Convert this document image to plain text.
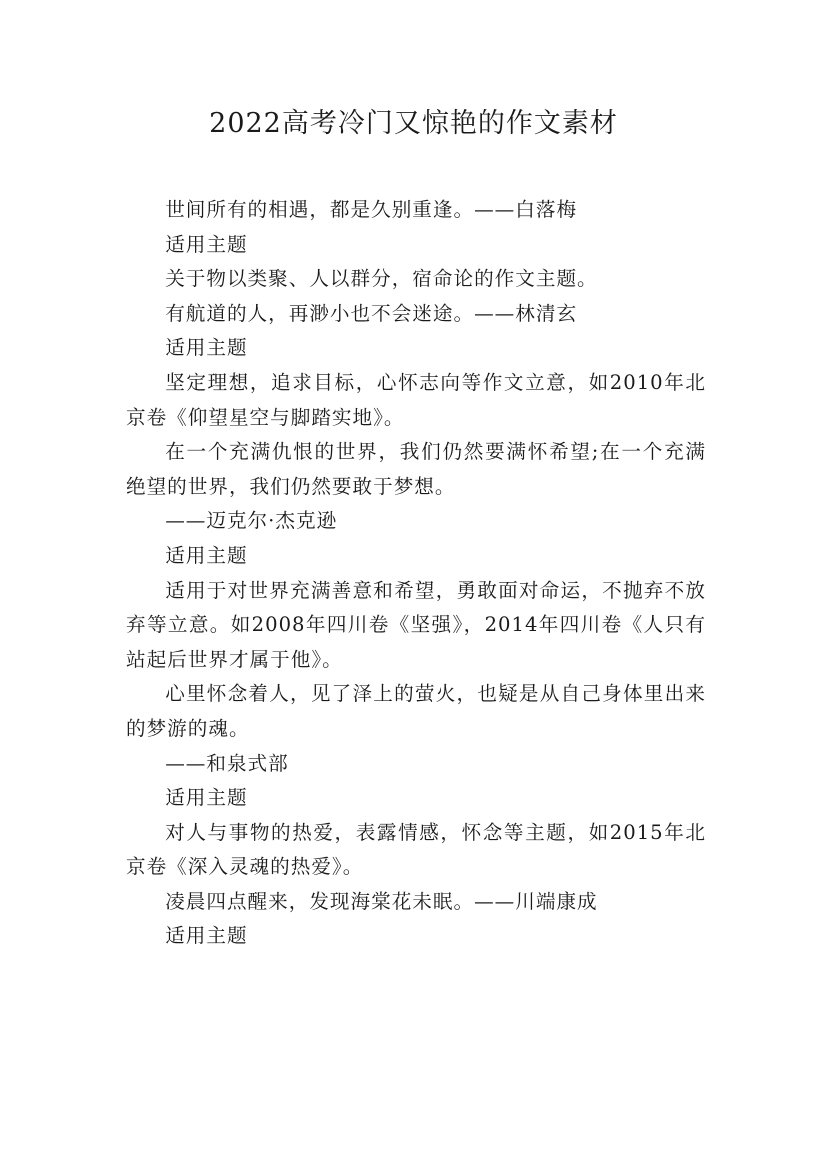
2022高考冷门又惊艳的作文素材

世间所有的相遇，都是久别重逢。——白落梅

适用主题

关于物以类聚、人以群分，宿命论的作文主题。

有航道的人，再渺小也不会迷途。——林清玄

适用主题

坚定理想，追求目标，心怀志向等作文立意，如2010年北京卷《仰望星空与脚踏实地》。

在一个充满仇恨的世界，我们仍然要满怀希望;在一个充满绝望的世界，我们仍然要敢于梦想。

——迈克尔·杰克逊

适用主题

适用于对世界充满善意和希望，勇敢面对命运，不抛弃不放弃等立意。如2008年四川卷《坚强》，2014年四川卷《人只有站起后世界才属于他》。

心里怀念着人，见了泽上的萤火，也疑是从自己身体里出来的梦游的魂。

——和泉式部

适用主题

对人与事物的热爱，表露情感，怀念等主题，如2015年北京卷《深入灵魂的热爱》。

凌晨四点醒来，发现海棠花未眠。——川端康成

适用主题
